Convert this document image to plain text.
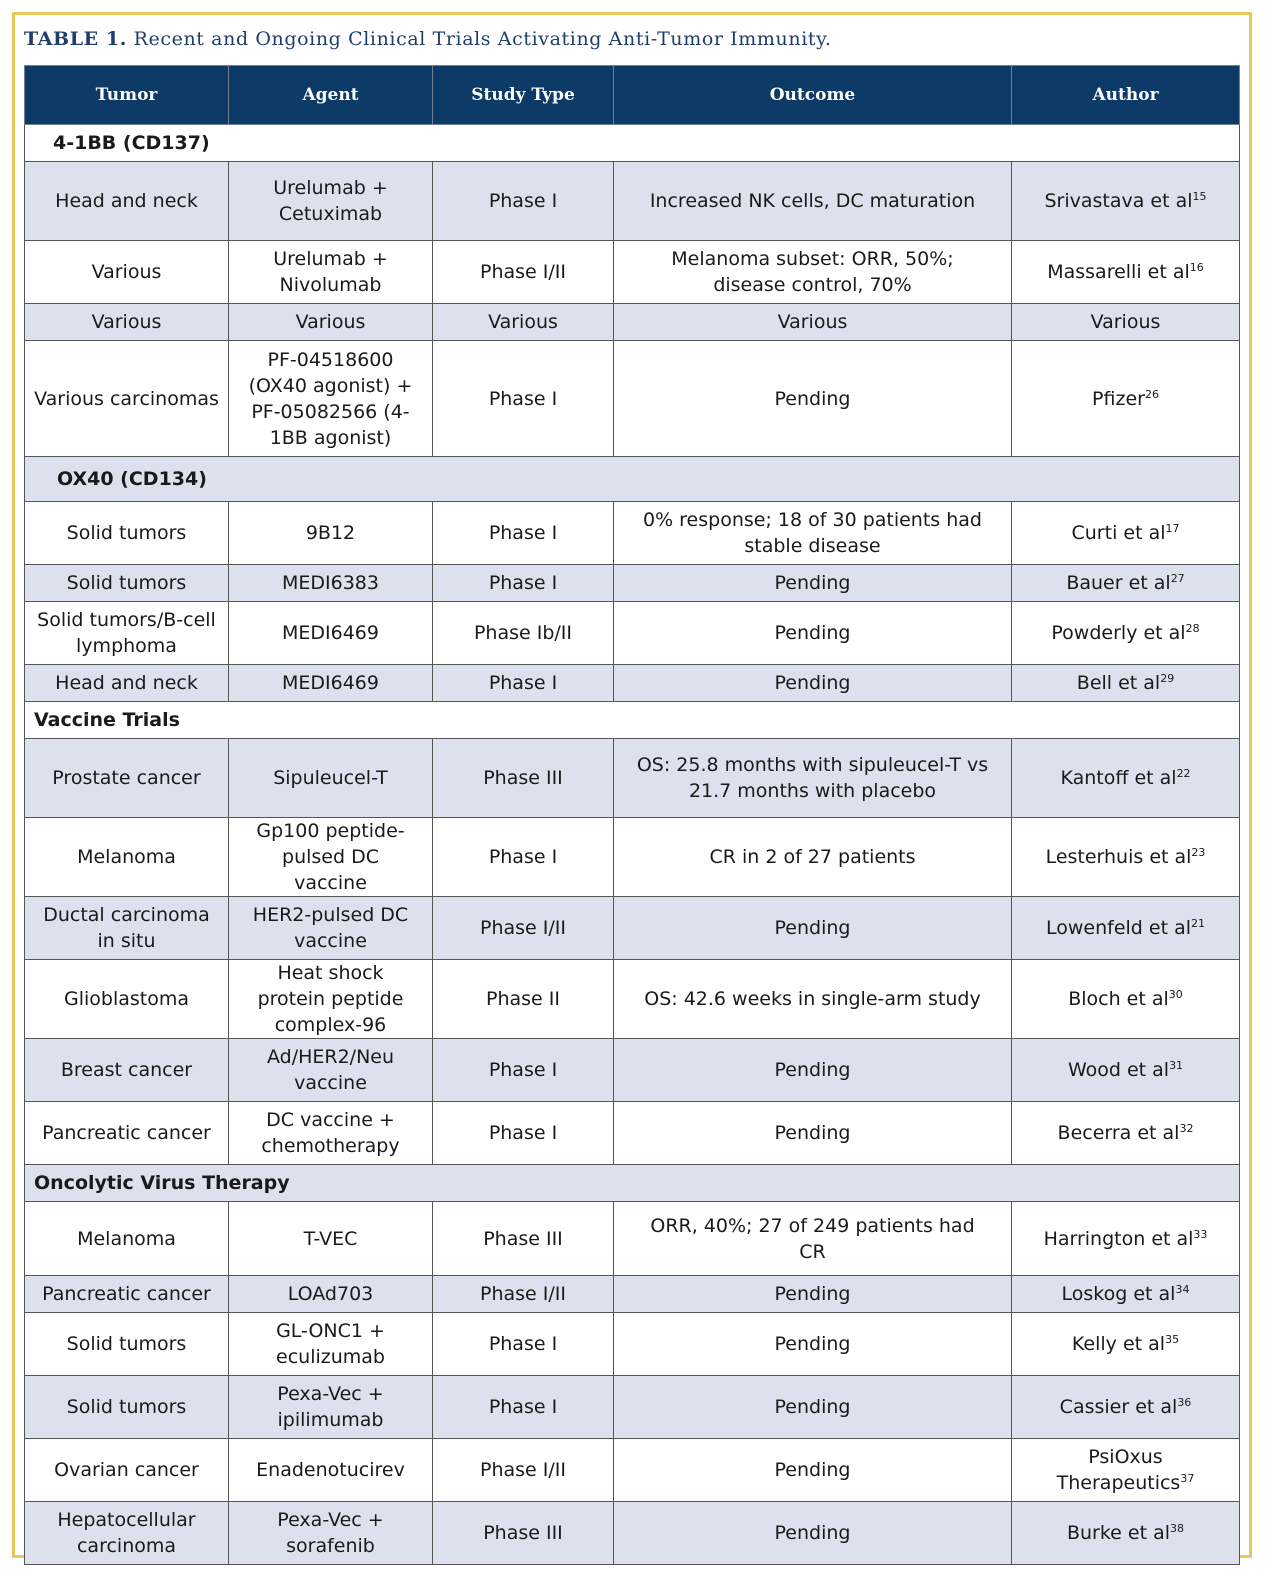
TABLE 1. Recent and Ongoing Clinical Trials Activating Anti-Tumor Immunity.
Tumor	Agent	Study Type	Outcome	Author
4-1BB (CD137)				
Head and neck	Urelumab + Cetuximab	Phase I	Increased NK cells, DC maturation	Srivastava et $al^{15}$
Various	Urelumab + Nivolumab	Phase I/II	Melanoma subset: ORR, 50%; disease control, 70%	Massarelli et $al^{16}$
Various	Various	Various	Various	Various
Various carcinomas	PF-04518600 (OX40 agonist) + PF-05082566 (4-1BB agonist)	Phase I	Pending	Pfizer$^{26}$
OX40 (CD134)				
Solid tumors	9B12	Phase I	0% response; 18 of 30 patients had stable disease	Curti et $al^{17}$
Solid tumors	MEDI6383	Phase I	Pending	Bauer et $al^{27}$
Solid tumors/B-cell lymphoma	MEDI6469	Phase Ib/II	Pending	Powderly et $al^{28}$
Head and neck	MEDI6469	Phase I	Pending	Bell et $al^{29}$
Vaccine Trials				
Prostate cancer	Sipuleucel-T	Phase III	OS: 25.8 months with sipuleucel-T vs 21.7 months with placebo	Kantoff et $al^{22}$
Melanoma	Gp100 peptide-pulsed DC vaccine	Phase I	CR in 2 of 27 patients	Lesterhuis et $al^{23}$
Ductal carcinoma in situ	HER2-pulsed DC vaccine	Phase I/II	Pending	Lowenfeld et $al^{21}$
Glioblastoma	Heat shock protein peptide complex-96	Phase II	OS: 42.6 weeks in single-arm study	Bloch et $al^{30}$
Breast cancer	Ad/HER2/Neu vaccine	Phase I	Pending	Wood et $al^{31}$
Pancreatic cancer	DC vaccine + chemotherapy	Phase I	Pending	Becerra et $al^{32}$
Oncolytic Virus Therapy				
Melanoma	T-VEC	Phase III	ORR, 40%; 27 of 249 patients had CR	Harrington et $al^{33}$
Pancreatic cancer	LOAd703	Phase I/II	Pending	Loskog et $al^{34}$
Solid tumors	GL-ONC1 + eculizumab	Phase I	Pending	Kelly et $al^{35}$
Solid tumors	Pexa-Vec + ipilimumab	Phase I	Pending	Cassier et $al^{36}$
Ovarian cancer	Enadenotucirev	Phase I/II	Pending	PsiOxus Therapeutics$^{37}$
Hepatocellular carcinoma	Pexa-Vec + sorafenib	Phase III	Pending	Burke et $al^{38}$
